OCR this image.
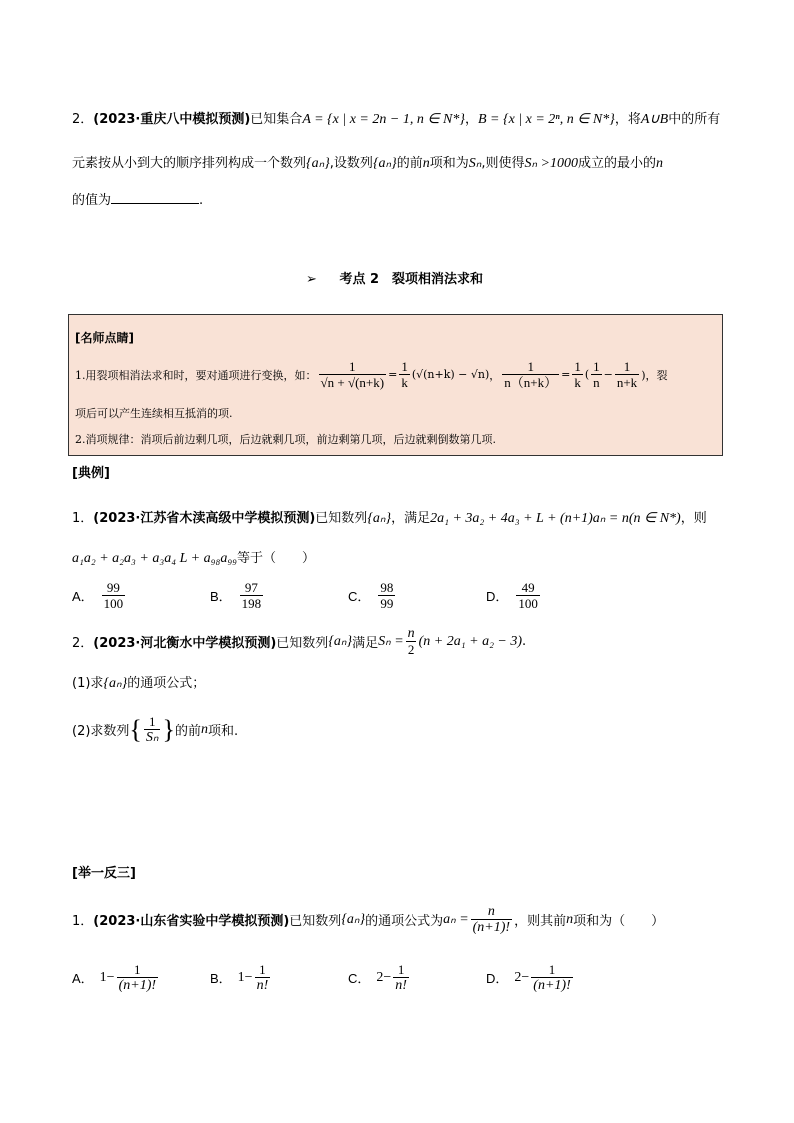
2．(2023·重庆八中模拟预测)已知集合A = {x | x = 2n − 1, n ∈ N*}，B = {x | x = 2ⁿ, n ∈ N*}，将A∪B中的所有
元素按从小到大的顺序排列构成一个数列{aₙ},设数列{aₙ}的前n项和为Sₙ,则使得Sₙ >1000成立的最小的n
的值为	.
➢ 考点 2　裂项相消法求和
[名师点睛]
1.用裂项相消法求和时，要对通项进行变换，如： $\frac{1}{√n + √(n+k)} = \frac{1}{k} (√(n+k) - √n)$ ， $\frac{1}{n(n+k)} = \frac{1}{k}$ ( $\frac{1}{n} - \frac{1}{n+k}$ )，裂
项后可以产生连续相互抵消的项.
2.消项规律：消项后前边剩几项，后边就剩几项，前边剩第几项，后边就剩倒数第几项.
[典例]
1．(2023·江苏省木渎高级中学模拟预测)已知数列{aₙ}，满足2a₁ + 3a₂ + 4a₃ + L + (n+1)aₙ = n(n ∈ N*)，则
a₁a₂ + a₂a₃ + a₃a₄ L + a₉₈a₉₉等于（　　）
A． $\frac{99}{100}$	B． $\frac{97}{198}$	C． $\frac{98}{99}$	D． $\frac{49}{100}$
2． (2023·河北衡水中学模拟预测) 已知数列 {aₙ} 满足 $S_n = \frac{n}{2} (n + 2a_1 + a_2 - 3)$ .
(1)求{aₙ}的通项公式；
(2)求数列 { $\frac{1}{\text{Sₙ}}$ } 的前 n 项和.
[举一反三]
1． (2023·山东省实验中学模拟预测) 已知数列 {aₙ} 的通项公式为 $a_n = \frac{n}{(n+1)!}$ ，则其前 n 项和为（　　）
A． $1- \frac{1}{(n+1)!}$	B． $1- \frac{1}{n!}$	C． $2- \frac{1}{n!}$	D． $2- \frac{1}{(n+1)!}$
